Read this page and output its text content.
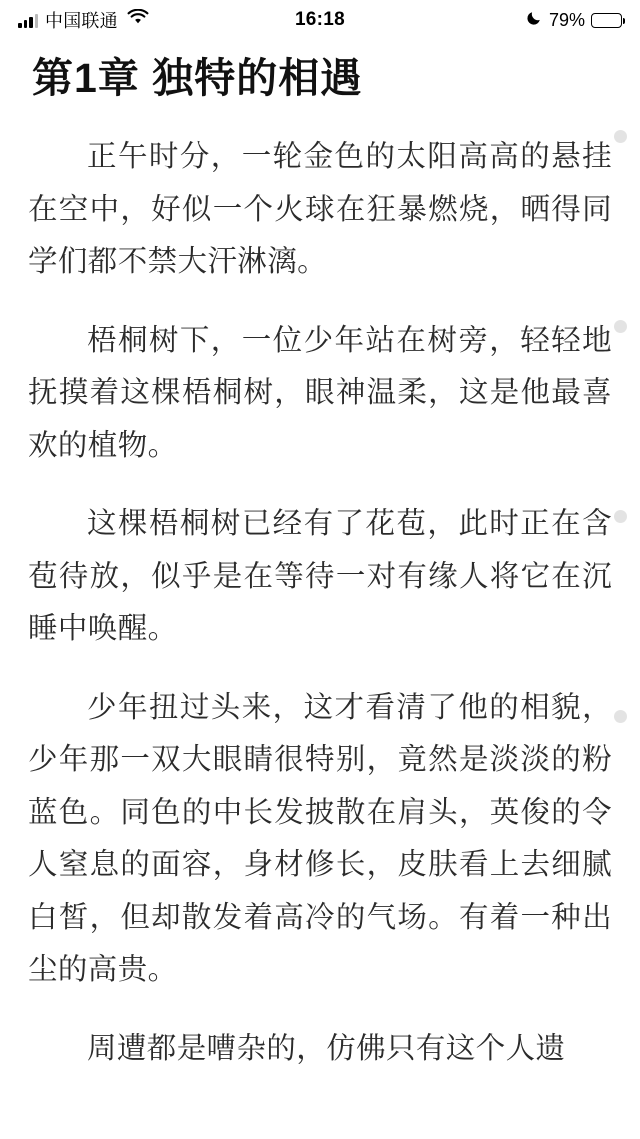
中国联通	16:18	79%
第1章 独特的相遇

正午时分，一轮金色的太阳高高的悬挂在空中，好似一个火球在狂暴燃烧，晒得同学们都不禁大汗淋漓。

梧桐树下，一位少年站在树旁，轻轻地抚摸着这棵梧桐树，眼神温柔，这是他最喜欢的植物。

这棵梧桐树已经有了花苞，此时正在含苞待放，似乎是在等待一对有缘人将它在沉睡中唤醒。

少年扭过头来，这才看清了他的相貌，少年那一双大眼睛很特别，竟然是淡淡的粉蓝色。同色的中长发披散在肩头，英俊的令人窒息的面容，身材修长，皮肤看上去细腻白皙，但却散发着高冷的气场。有着一种出尘的高贵。

周遭都是嘈杂的，仿佛只有这个人遗
